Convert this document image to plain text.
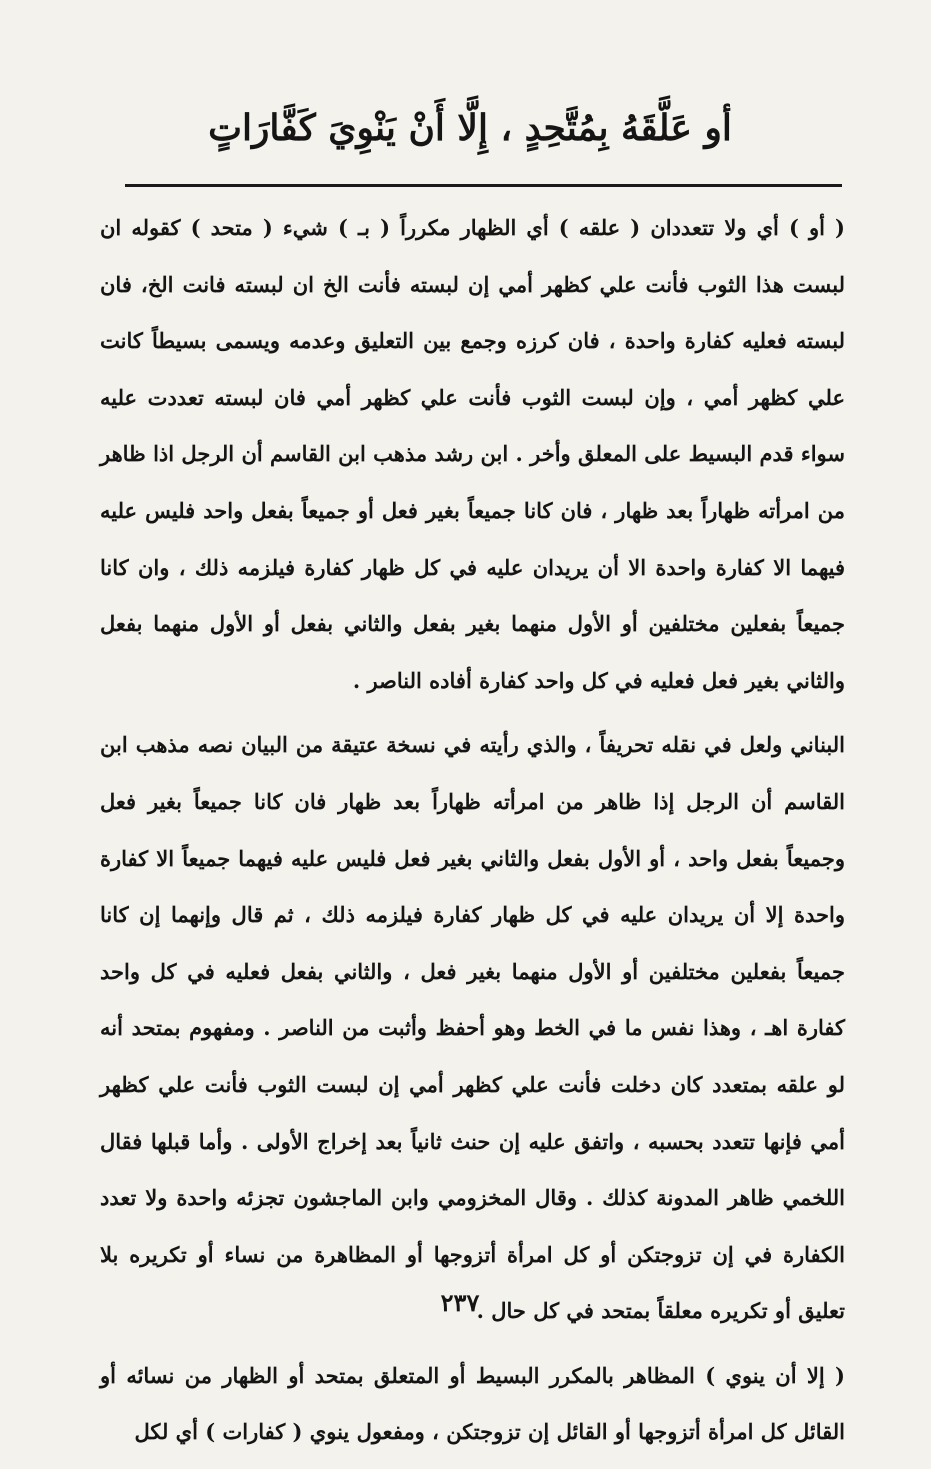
أو عَلَّقَهُ بِمُتَّحِدٍ ، إِلَّا أَنْ يَنْوِيَ كَفَّارَاتٍ

( أو ) أي ولا تتعددان ( علقه ) أي الظهار مكرراً ( بـ ) شيء ( متحد ) كقوله ان لبست هذا الثوب فأنت علي كظهر أمي إن لبسته فأنت الخ ان لبسته فانت الخ، فان لبسته فعليه كفارة واحدة ، فان كرزه وجمع بين التعليق وعدمه ويسمى بسيطاً كانت علي كظهر أمي ، وإن لبست الثوب فأنت علي كظهر أمي فان لبسته تعددت عليه سواء قدم البسيط على المعلق وأخر . ابن رشد مذهب ابن القاسم أن الرجل اذا ظاهر من امرأته ظهاراً بعد ظهار ، فان كانا جميعاً بغير فعل أو جميعاً بفعل واحد فليس عليه فيهما الا كفارة واحدة الا أن يريدان عليه في كل ظهار كفارة فيلزمه ذلك ، وان كانا جميعاً بفعلين مختلفين أو الأول منهما بغير بفعل والثاني بفعل أو الأول منهما بفعل والثاني بغير فعل فعليه في كل واحد كفارة أفاده الناصر .

البناني ولعل في نقله تحريفاً ، والذي رأيته في نسخة عتيقة من البيان نصه مذهب ابن القاسم أن الرجل إذا ظاهر من امرأته ظهاراً بعد ظهار فان كانا جميعاً بغير فعل وجميعاً بفعل واحد ، أو الأول بفعل والثاني بغير فعل فليس عليه فيهما جميعاً الا كفارة واحدة إلا أن يريدان عليه في كل ظهار كفارة فيلزمه ذلك ، ثم قال وإنهما إن كانا جميعاً بفعلين مختلفين أو الأول منهما بغير فعل ، والثاني بفعل فعليه في كل واحد كفارة اهـ ، وهذا نفس ما في الخط وهو أحفظ وأثبت من الناصر . ومفهوم بمتحد أنه لو علقه بمتعدد كان دخلت فأنت علي كظهر أمي إن لبست الثوب فأنت علي كظهر أمي فإنها تتعدد بحسبه ، واتفق عليه إن حنث ثانياً بعد إخراج الأولى . وأما قبلها فقال اللخمي ظاهر المدونة كذلك . وقال المخزومي وابن الماجشون تجزئه واحدة ولا تعدد الكفارة في إن تزوجتكن أو كل امرأة أتزوجها أو المظاهرة من نساء أو تكريره بلا تعليق أو تكريره معلقاً بمتحد في كل حال .

( إلا أن ينوي ) المظاهر بالمكرر البسيط أو المتعلق بمتحد أو الظهار من نسائه أو القائل كل امرأة أتزوجها أو القائل إن تزوجتكن ، ومفعول ينوي ( كفارات ) أي لكل

٢٣٧
